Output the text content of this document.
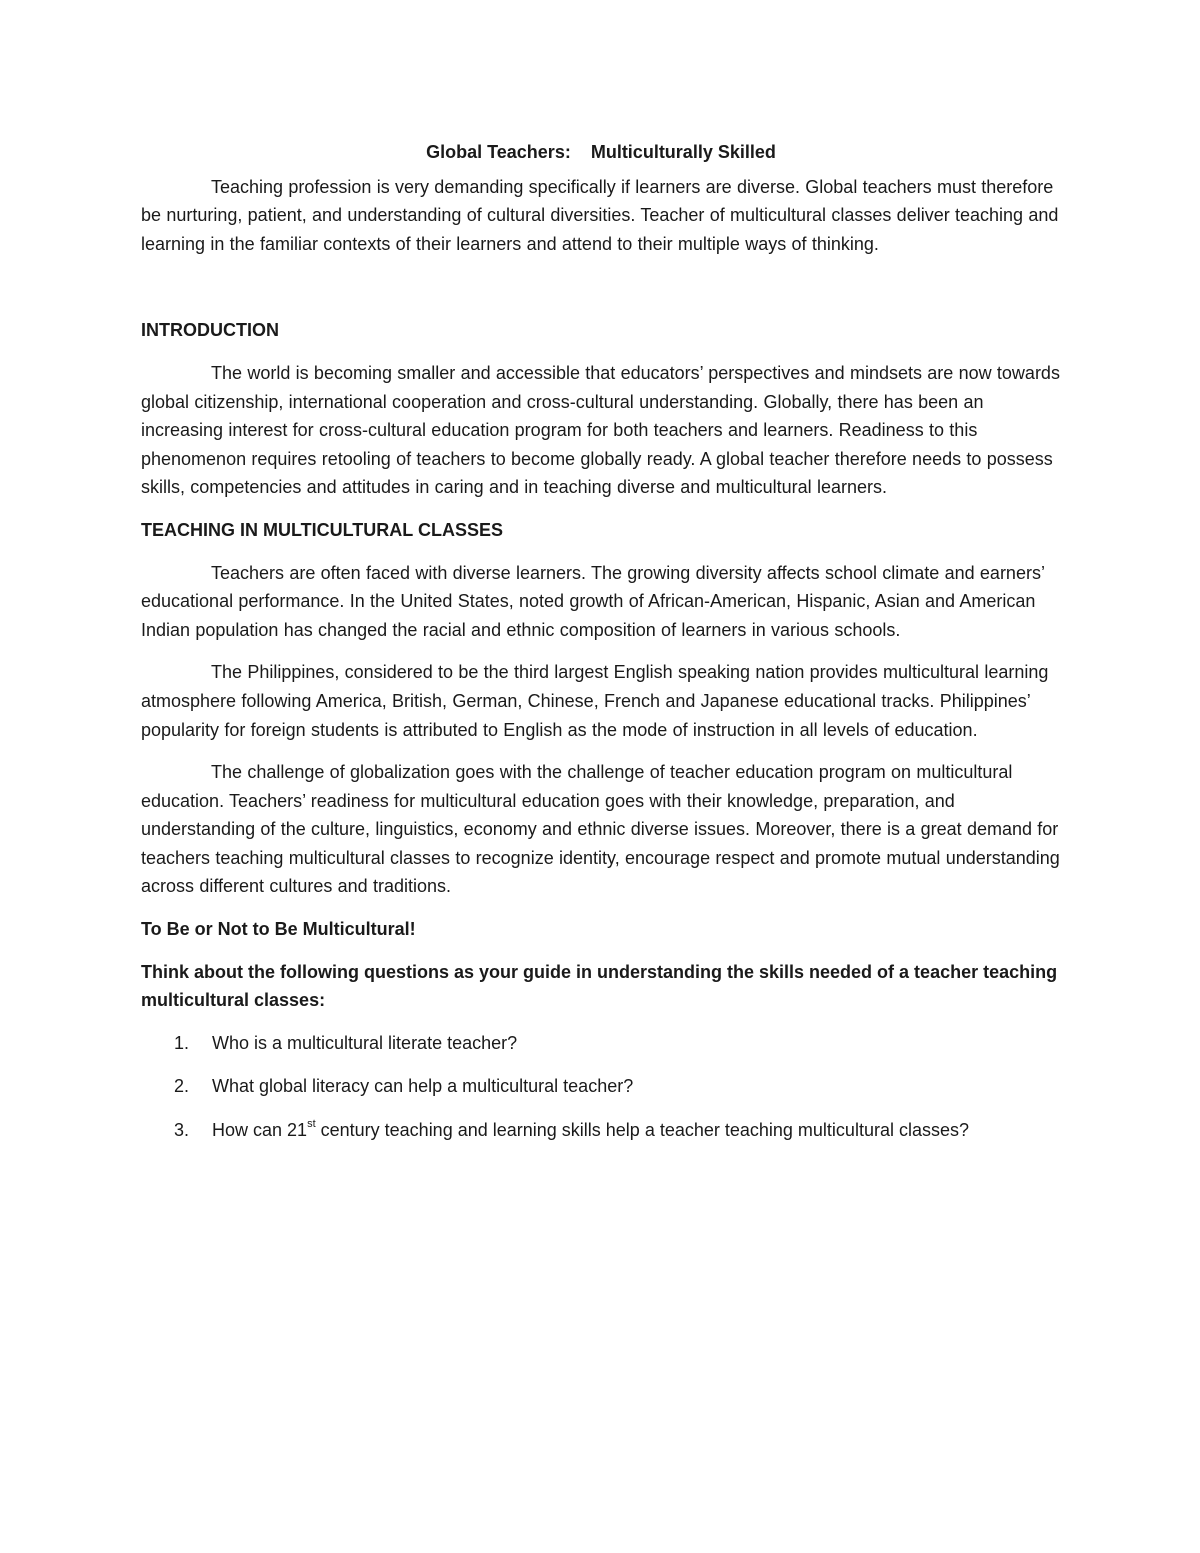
Global Teachers:    Multiculturally Skilled

Teaching profession is very demanding specifically if learners are diverse. Global teachers must therefore be nurturing, patient, and understanding of cultural diversities. Teacher of multicultural classes deliver teaching and learning in the familiar contexts of their learners and attend to their multiple ways of thinking.

INTRODUCTION

The world is becoming smaller and accessible that educators’ perspectives and mindsets are now towards global citizenship, international cooperation and cross-cultural understanding. Globally, there has been an increasing interest for cross-cultural education program for both teachers and learners. Readiness to this phenomenon requires retooling of teachers to become globally ready. A global teacher therefore needs to possess skills, competencies and attitudes in caring and in teaching diverse and multicultural learners.

TEACHING IN MULTICULTURAL CLASSES

Teachers are often faced with diverse learners. The growing diversity affects school climate and earners’ educational performance. In the United States, noted growth of African-American, Hispanic, Asian and American Indian population has changed the racial and ethnic composition of learners in various schools.

The Philippines, considered to be the third largest English speaking nation provides multicultural learning atmosphere following America, British, German, Chinese, French and Japanese educational tracks. Philippines’ popularity for foreign students is attributed to English as the mode of instruction in all levels of education.

The challenge of globalization goes with the challenge of teacher education program on multicultural education. Teachers’ readiness for multicultural education goes with their knowledge, preparation, and understanding of the culture, linguistics, economy and ethnic diverse issues. Moreover, there is a great demand for teachers teaching multicultural classes to recognize identity, encourage respect and promote mutual understanding across different cultures and traditions.

To Be or Not to Be Multicultural!

Think about the following questions as your guide in understanding the skills needed of a teacher teaching multicultural classes:

1. Who is a multicultural literate teacher?
2. What global literacy can help a multicultural teacher?
3. How can 21st century teaching and learning skills help a teacher teaching multicultural classes?
